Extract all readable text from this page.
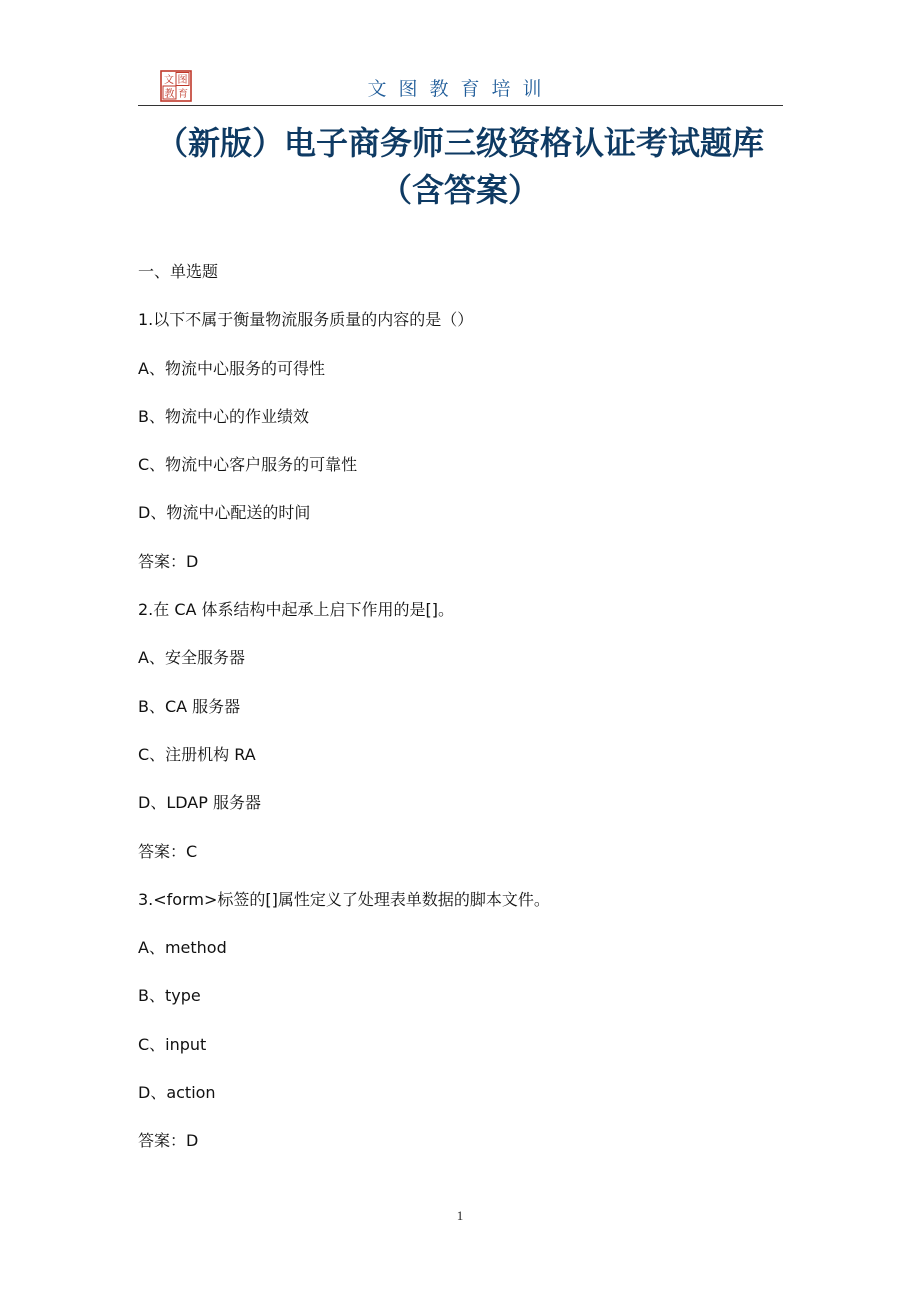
文 图
教 育	文图教育培训
（新版）电子商务师三级资格认证考试题库
（含答案）
一、单选题
1.以下不属于衡量物流服务质量的内容的是（）
A、物流中心服务的可得性
B、物流中心的作业绩效
C、物流中心客户服务的可靠性
D、物流中心配送的时间
答案：D
2.在 CA 体系结构中起承上启下作用的是[]。
A、安全服务器
B、CA 服务器
C、注册机构 RA
D、LDAP 服务器
答案：C
3.<form>标签的[]属性定义了处理表单数据的脚本文件。
A、method
B、type
C、input
D、action
答案：D
1
